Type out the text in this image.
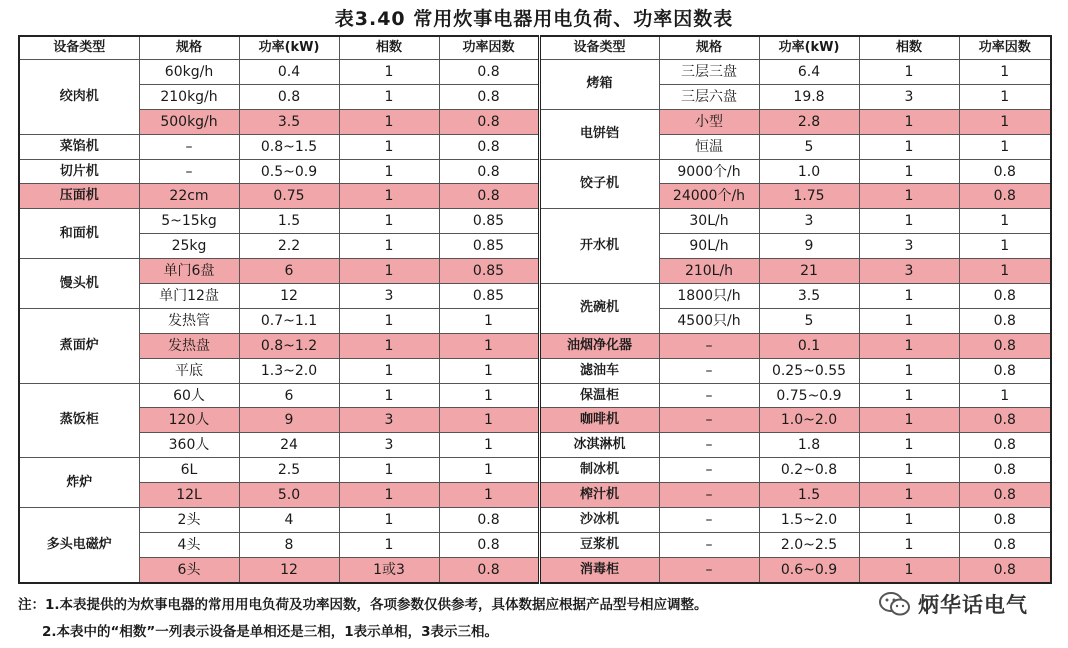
表3.40 常用炊事电器用电负荷、功率因数表
设备类型	规格	功率(kW)	相数	功率因数	设备类型	规格	功率(kW)	相数	功率因数
绞肉机	60kg/h	0.4	1	0.8	烤箱	三层三盘	6.4	1	1
	210kg/h	0.8	1	0.8		三层六盘	19.8	3	1
	500kg/h	3.5	1	0.8	电饼铛	小型	2.8	1	1
菜馅机	–	0.8~1.5	1	0.8		恒温	5	1	1
切片机	–	0.5~0.9	1	0.8	饺子机	9000个/h	1.0	1	0.8
压面机	22cm	0.75	1	0.8		24000个/h	1.75	1	0.8
和面机	5~15kg	1.5	1	0.85	开水机	30L/h	3	1	1
	25kg	2.2	1	0.85		90L/h	9	3	1
馒头机	单门6盘	6	1	0.85		210L/h	21	3	1
	单门12盘	12	3	0.85	洗碗机	1800只/h	3.5	1	0.8
煮面炉	发热管	0.7~1.1	1	1		4500只/h	5	1	0.8
	发热盘	0.8~1.2	1	1	油烟净化器	–	0.1	1	0.8
	平底	1.3~2.0	1	1	滤油车	–	0.25~0.55	1	0.8
蒸饭柜	60人	6	1	1	保温柜	–	0.75~0.9	1	1
	120人	9	3	1	咖啡机	–	1.0~2.0	1	0.8
	360人	24	3	1	冰淇淋机	–	1.8	1	0.8
炸炉	6L	2.5	1	1	制冰机	–	0.2~0.8	1	0.8
	12L	5.0	1	1	榨汁机	–	1.5	1	0.8
多头电磁炉	2头	4	1	0.8	沙冰机	–	1.5~2.0	1	0.8
	4头	8	1	0.8	豆浆机	–	2.0~2.5	1	0.8
	6头	12	1或3	0.8	消毒柜	–	0.6~0.9	1	0.8
注：1.本表提供的为炊事电器的常用用电负荷及功率因数，各项参数仅供参考，具体数据应根据产品型号相应调整。
2.本表中的“相数”一列表示设备是单相还是三相，1表示单相，3表示三相。
炳华话电气
